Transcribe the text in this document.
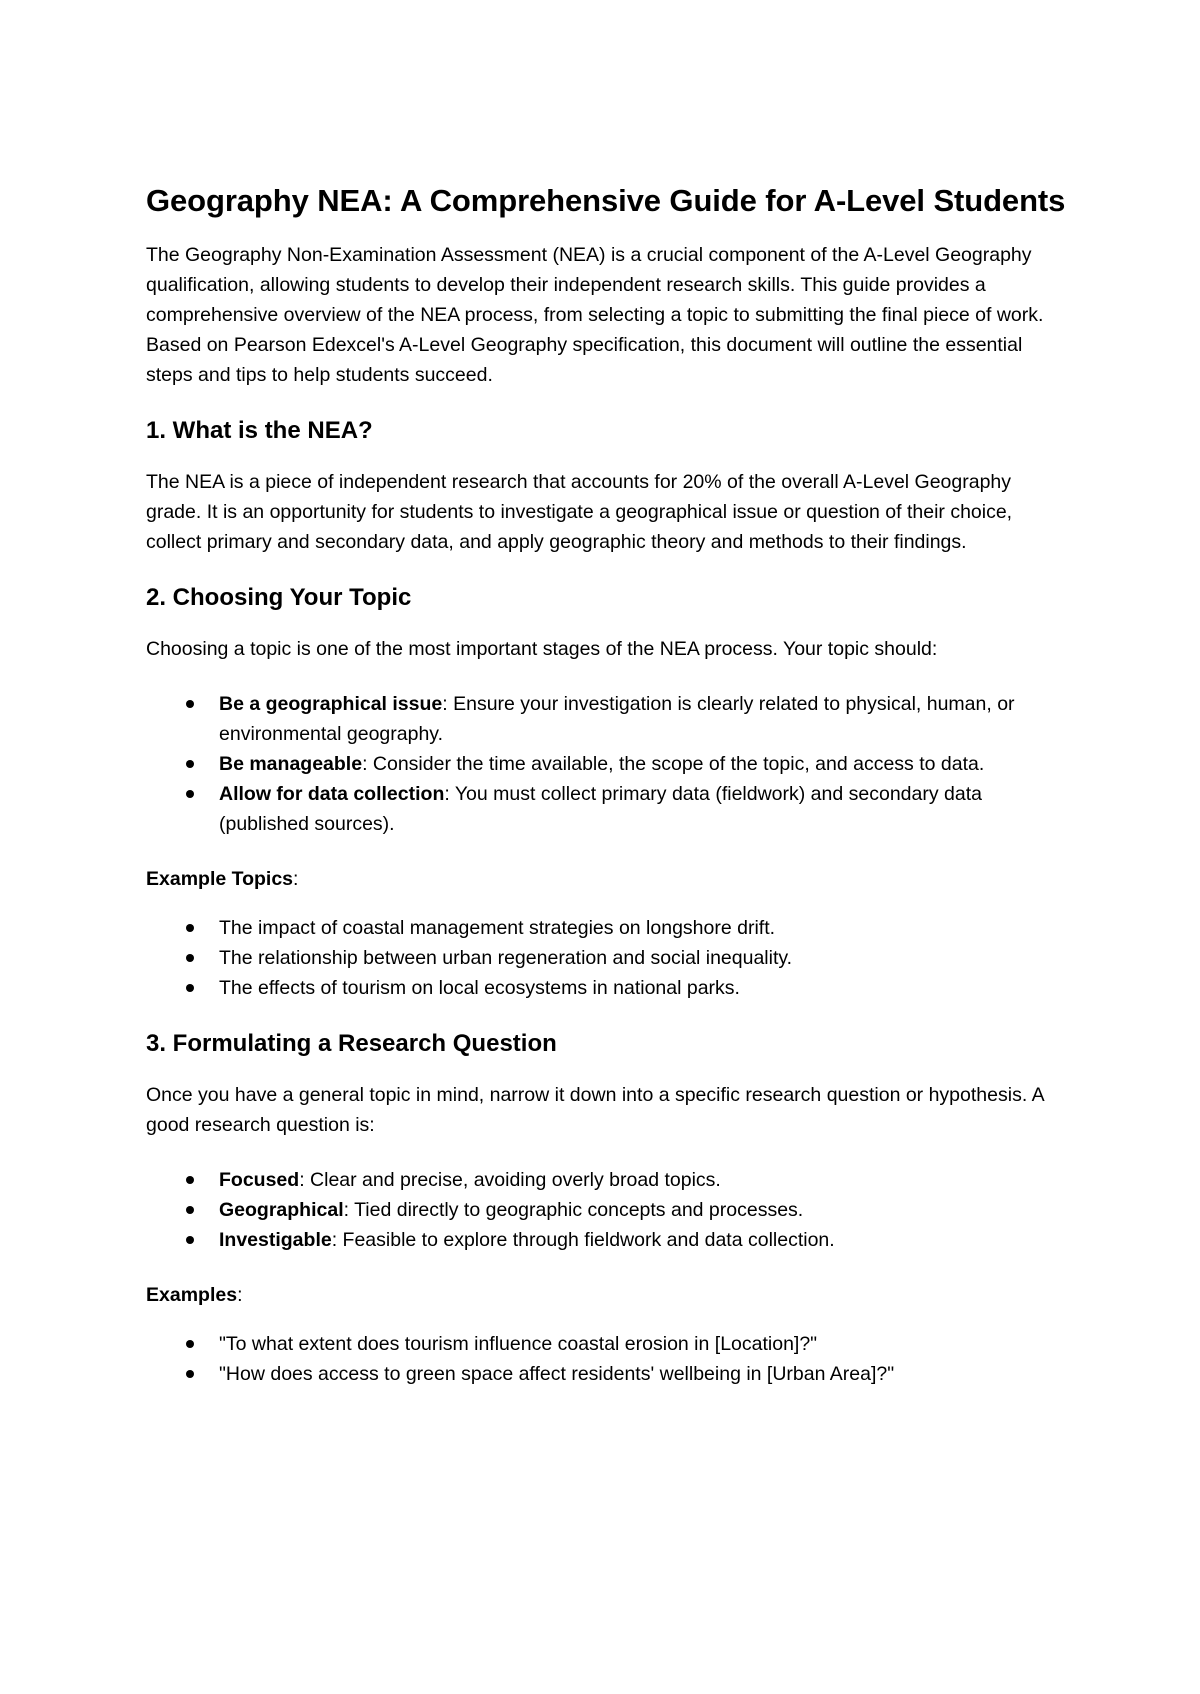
Geography NEA: A Comprehensive Guide for A-Level Students

The Geography Non-Examination Assessment (NEA) is a crucial component of the A-Level Geography qualification, allowing students to develop their independent research skills. This guide provides a comprehensive overview of the NEA process, from selecting a topic to submitting the final piece of work. Based on Pearson Edexcel's A-Level Geography specification, this document will outline the essential steps and tips to help students succeed.

1. What is the NEA?

The NEA is a piece of independent research that accounts for 20% of the overall A-Level Geography grade. It is an opportunity for students to investigate a geographical issue or question of their choice, collect primary and secondary data, and apply geographic theory and methods to their findings.

2. Choosing Your Topic

Choosing a topic is one of the most important stages of the NEA process. Your topic should:

Be a geographical issue: Ensure your investigation is clearly related to physical, human, or environmental geography.
Be manageable: Consider the time available, the scope of the topic, and access to data.
Allow for data collection: You must collect primary data (fieldwork) and secondary data (published sources).

Example Topics:

The impact of coastal management strategies on longshore drift.
The relationship between urban regeneration and social inequality.
The effects of tourism on local ecosystems in national parks.
3. Formulating a Research Question

Once you have a general topic in mind, narrow it down into a specific research question or hypothesis. A good research question is:

Focused: Clear and precise, avoiding overly broad topics.
Geographical: Tied directly to geographic concepts and processes.
Investigable: Feasible to explore through fieldwork and data collection.

Examples:

"To what extent does tourism influence coastal erosion in [Location]?"
"How does access to green space affect residents' wellbeing in [Urban Area]?"
